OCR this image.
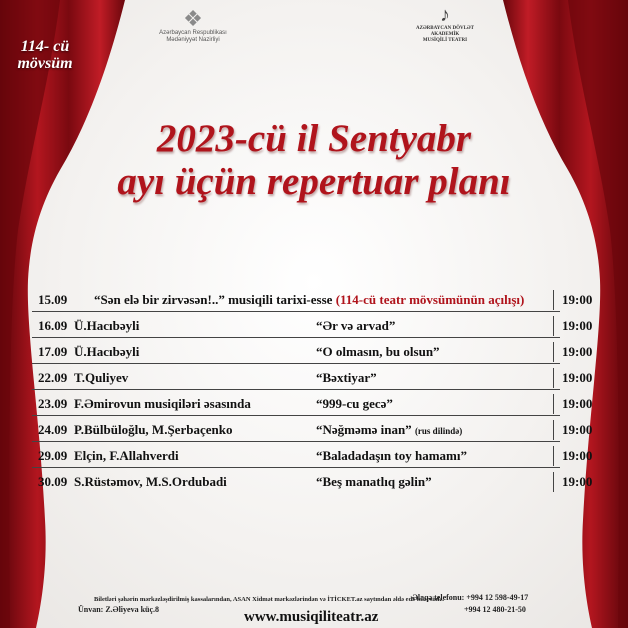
❖
Azərbaycan Respublikası
Mədəniyyət Nazirliyi
♪
AZƏRBAYCAN DÖVLƏT
AKADEMİK
MUSİQİLİ TEATRI
114- cü
mövsüm
2023-cü il Sentyabr
ayı üçün repertuar planı
15.09 “Sən elə bir zirvəsən!..” musiqili tarixi-esse (114-cü teatr mövsümünün açılışı)	19:00
16.09 Ü.Hacıbəyli	“Ər və arvad”	19:00
17.09 Ü.Hacıbəyli	“O olmasın, bu olsun”	19:00
22.09 T.Quliyev	“Bəxtiyar”	19:00
23.09 F.Əmirovun musiqiləri əsasında	“999-cu gecə”	19:00
24.09 P.Bülbüloğlu, M.Şerbaçenko	“Nəğməmə inan” (rus dilində)	19:00
29.09 Elçin, F.Allahverdi	“Baladadaşın toy hamamı”	19:00
30.09 S.Rüstəmov, M.S.Ordubadi	“Beş manatlıq gəlin”	19:00
Biletləri şəhərin mərkəzləşdirilmiş kassalarından, ASAN Xidmət mərkəzlərindən və İTİCKET.az saytından əldə edə bilərsiniz.
Ünvan: Z.Əliyeva küç.8
Əlaqə telefonu: +994 12 598-49-17
+994 12 480-21-50
www.musiqiliteatr.az
